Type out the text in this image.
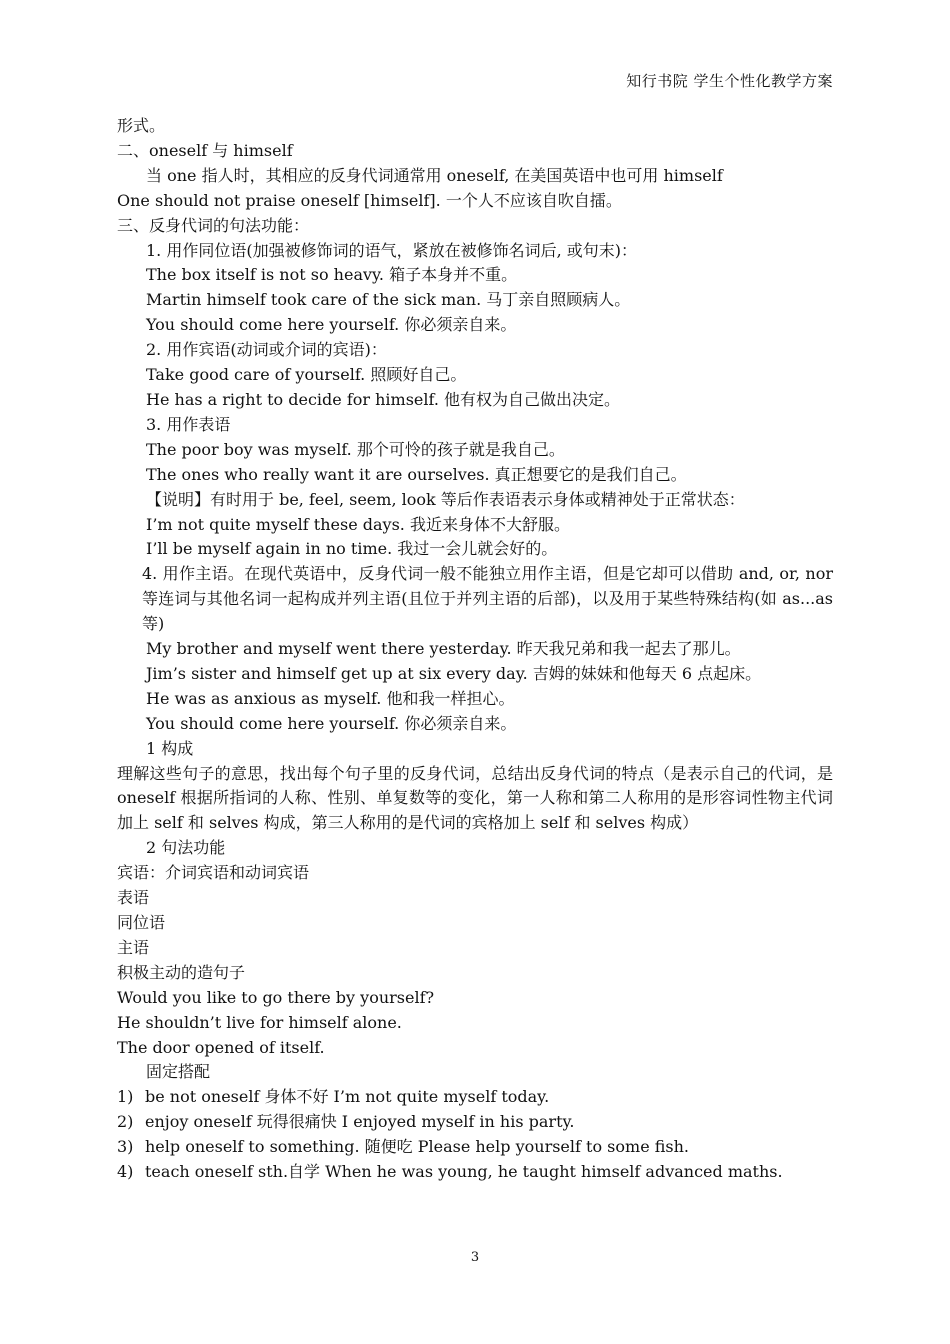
知行书院 学生个性化教学方案
形式。
二、oneself 与 himself
当 one 指人时，其相应的反身代词通常用 oneself, 在美国英语中也可用 himself
One should not praise oneself [himself]. 一个人不应该自吹自擂。
三、反身代词的句法功能：
1. 用作同位语(加强被修饰词的语气，紧放在被修饰名词后, 或句末)：
The box itself is not so heavy. 箱子本身并不重。
Martin himself took care of the sick man. 马丁亲自照顾病人。
You should come here yourself. 你必须亲自来。
2. 用作宾语(动词或介词的宾语)：
Take good care of yourself. 照顾好自己。
He has a right to decide for himself. 他有权为自己做出决定。
3. 用作表语
The poor boy was myself. 那个可怜的孩子就是我自己。
The ones who really want it are ourselves. 真正想要它的是我们自己。
【说明】有时用于 be, feel, seem, look 等后作表语表示身体或精神处于正常状态：
I’m not quite myself these days. 我近来身体不大舒服。
I’ll be myself again in no time. 我过一会儿就会好的。
4. 用作主语。在现代英语中，反身代词一般不能独立用作主语，但是它却可以借助 and, or, nor 等连词与其他名词一起构成并列主语(且位于并列主语的后部)，以及用于某些特殊结构(如 as...as 等)
My brother and myself went there yesterday. 昨天我兄弟和我一起去了那儿。
Jim’s sister and himself get up at six every day. 吉姆的妹妹和他每天 6 点起床。
He was as anxious as myself. 他和我一样担心。
You should come here yourself. 你必须亲自来。
1 构成
理解这些句子的意思，找出每个句子里的反身代词，总结出反身代词的特点（是表示自己的代词，是 oneself 根据所指词的人称、性别、单复数等的变化，第一人称和第二人称用的是形容词性物主代词加上 self 和 selves 构成，第三人称用的是代词的宾格加上 self 和 selves 构成）
2 句法功能
宾语：介词宾语和动词宾语
表语
同位语
主语
积极主动的造句子
Would you like to go there by yourself?
He shouldn’t live for himself alone.
The door opened of itself.
固定搭配
1) be not oneself 身体不好 I’m not quite myself today.
2) enjoy oneself 玩得很痛快 I enjoyed myself in his party.
3) help oneself to something. 随便吃 Please help yourself to some fish.
4) teach oneself sth.自学 When he was young, he taught himself advanced maths.
3
